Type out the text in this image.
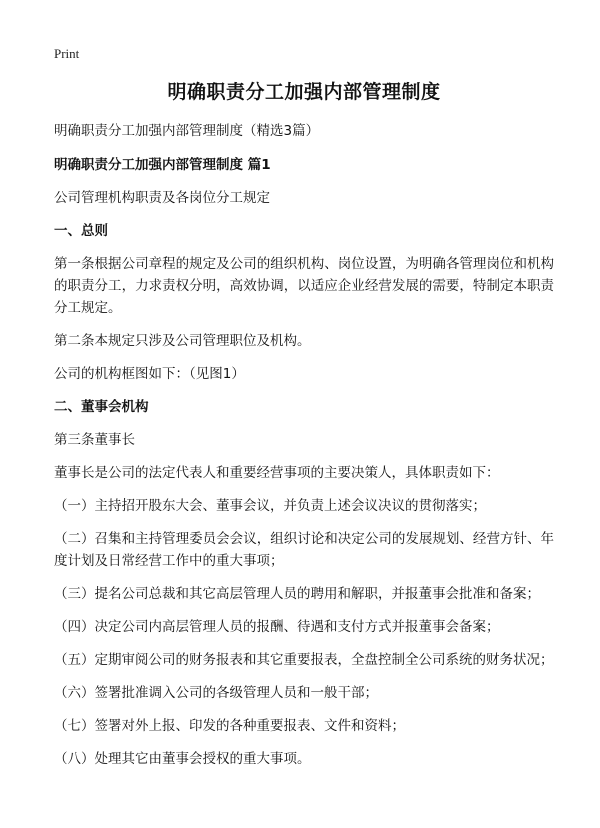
Print
明确职责分工加强内部管理制度

明确职责分工加强内部管理制度（精选3篇）

明确职责分工加强内部管理制度 篇1

公司管理机构职责及各岗位分工规定

一、总则

第一条根据公司章程的规定及公司的组织机构、岗位设置，为明确各管理岗位和机构的职责分工，力求责权分明，高效协调，以适应企业经营发展的需要，特制定本职责分工规定。

第二条本规定只涉及公司管理职位及机构。

公司的机构框图如下：（见图1）

二、董事会机构

第三条董事长

董事长是公司的法定代表人和重要经营事项的主要决策人，具体职责如下：

（一）主持招开股东大会、董事会议，并负责上述会议决议的贯彻落实；

（二）召集和主持管理委员会会议，组织讨论和决定公司的发展规划、经营方针、年度计划及日常经营工作中的重大事项；

（三）提名公司总裁和其它高层管理人员的聘用和解职，并报董事会批准和备案；

（四）决定公司内高层管理人员的报酬、待遇和支付方式并报董事会备案；

（五）定期审阅公司的财务报表和其它重要报表，全盘控制全公司系统的财务状况；

（六）签署批准调入公司的各级管理人员和一般干部；

（七）签署对外上报、印发的各种重要报表、文件和资料；

（八）处理其它由董事会授权的重大事项。
